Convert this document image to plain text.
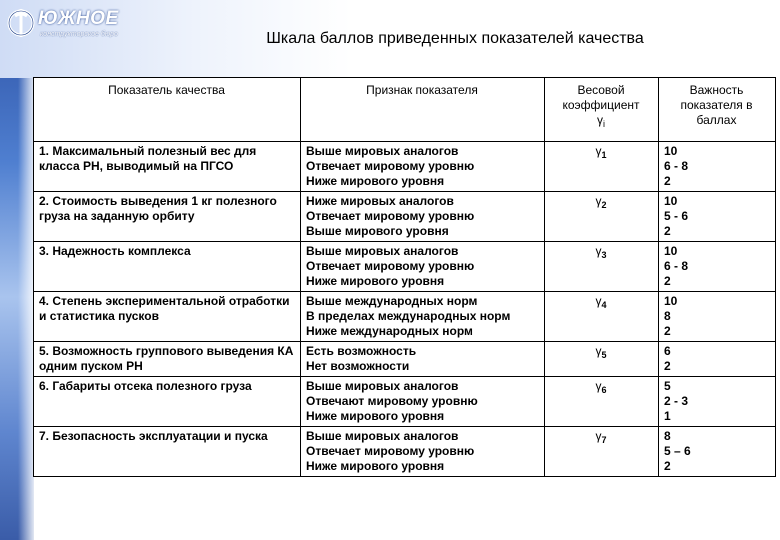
ЮЖНОЕ
конструкторское бюро	Шкала баллов приведенных показателей качества
Показатель качества	Признак показателя	Весовой
коэффициент
$\gamma_i$	Важность
показателя в
баллах

1. Максимальный полезный вес для класса РН, выводимый на ПГСО	Выше мировых аналогов
Отвечает мировому уровню
Ниже мирового уровня	$\gamma_1$	10
6 - 8
2

2. Стоимость выведения 1 кг полезного груза на заданную орбиту	Ниже мировых аналогов
Отвечает мировому уровню
Выше мирового уровня	$\gamma_2$	10
5 - 6
2

3. Надежность комплекса	Выше мировых аналогов
Отвечает мировому уровню
Ниже мирового уровня	$\gamma_3$	10
6 - 8
2

4. Степень экспериментальной отработки и статистика пусков	Выше международных норм
В пределах международных норм
Ниже международных норм	$\gamma_4$	10
8
2

5. Возможность группового выведения КА одним пуском РН	Есть возможность
Нет возможности	$\gamma_5$	6
2

6. Габариты отсека полезного груза	Выше мировых аналогов
Отвечают мировому уровню
Ниже мирового уровня	$\gamma_6$	5
2 - 3
1

7. Безопасность эксплуатации и пуска	Выше мировых аналогов
Отвечает мировому уровню
Ниже мирового уровня	$\gamma_7$	8
5 – 6
2
